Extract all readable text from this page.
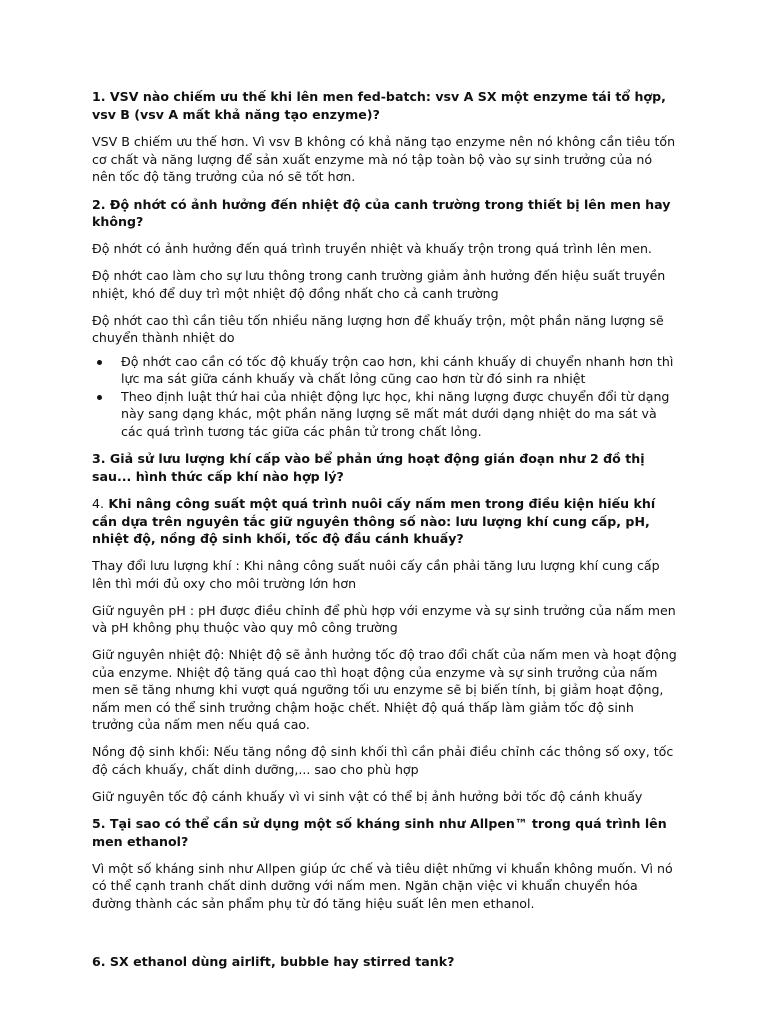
1. VSV nào chiếm ưu thế khi lên men fed-batch: vsv A SX một enzyme tái tổ hợp, vsv B (vsv A mất khả năng tạo enzyme)?

VSV B chiếm ưu thế hơn. Vì vsv B không có khả năng tạo enzyme nên nó không cần tiêu tốn cơ chất và năng lượng để sản xuất enzyme mà nó tập toàn bộ vào sự sinh trưởng của nó nên tốc độ tăng trưởng của nó sẽ tốt hơn.

2. Độ nhớt có ảnh hưởng đến nhiệt độ của canh trường trong thiết bị lên men hay không?

Độ nhớt có ảnh hưởng đến quá trình truyền nhiệt và khuấy trộn trong quá trình lên men.

Độ nhớt cao làm cho sự lưu thông trong canh trường giảm ảnh hưởng đến hiệu suất truyền nhiệt, khó để duy trì một nhiệt độ đồng nhất cho cả canh trường

Độ nhớt cao thì cần tiêu tốn nhiều năng lượng hơn để khuấy trộn, một phần năng lượng sẽ chuyển thành nhiệt do

Độ nhớt cao cần có tốc độ khuấy trộn cao hơn, khi cánh khuấy di chuyển nhanh hơn thì lực ma sát giữa cánh khuấy và chất lỏng cũng cao hơn từ đó sinh ra nhiệt
Theo định luật thứ hai của nhiệt động lực học, khi năng lượng được chuyển đổi từ dạng này sang dạng khác, một phần năng lượng sẽ mất mát dưới dạng nhiệt do ma sát và các quá trình tương tác giữa các phân tử trong chất lỏng.

3. Giả sử lưu lượng khí cấp vào bể phản ứng hoạt động gián đoạn như 2 đồ thị sau... hình thức cấp khí nào hợp lý?

4. Khi nâng công suất một quá trình nuôi cấy nấm men trong điều kiện hiếu khí cần dựa trên nguyên tắc giữ nguyên thông số nào: lưu lượng khí cung cấp, pH, nhiệt độ, nồng độ sinh khối, tốc độ đầu cánh khuấy?

Thay đổi lưu lượng khí : Khi nâng công suất nuôi cấy cần phải tăng lưu lượng khí cung cấp lên thì mới đủ oxy cho môi trường lớn hơn

Giữ nguyên pH : pH được điều chỉnh để phù hợp với enzyme và sự sinh trưởng của nấm men và pH không phụ thuộc vào quy mô công trường

Giữ nguyên nhiệt độ: Nhiệt độ sẽ ảnh hưởng tốc độ trao đổi chất của nấm men và hoạt động của enzyme. Nhiệt độ tăng quá cao thì hoạt động của enzyme và sự sinh trưởng của nấm men sẽ tăng nhưng khi vượt quá ngưỡng tối ưu enzyme sẽ bị biến tính, bị giảm hoạt động, nấm men có thể sinh trưởng chậm hoặc chết. Nhiệt độ quá thấp làm giảm tốc độ sinh trưởng của nấm men nếu quá cao.

Nồng độ sinh khối: Nếu tăng nồng độ sinh khối thì cần phải điều chỉnh các thông số oxy, tốc độ cách khuấy, chất dinh dưỡng,... sao cho phù hợp

Giữ nguyên tốc độ cánh khuấy vì vi sinh vật có thể bị ảnh hưởng bởi tốc độ cánh khuấy

5. Tại sao có thể cần sử dụng một số kháng sinh như Allpen™ trong quá trình lên men ethanol?

Vì một số kháng sinh như Allpen giúp ức chế và tiêu diệt những vi khuẩn không muốn. Vì nó có thể cạnh tranh chất dinh dưỡng với nấm men. Ngăn chặn việc vi khuẩn chuyển hóa đường thành các sản phẩm phụ từ đó tăng hiệu suất lên men ethanol.

6. SX ethanol dùng airlift, bubble hay stirred tank?
